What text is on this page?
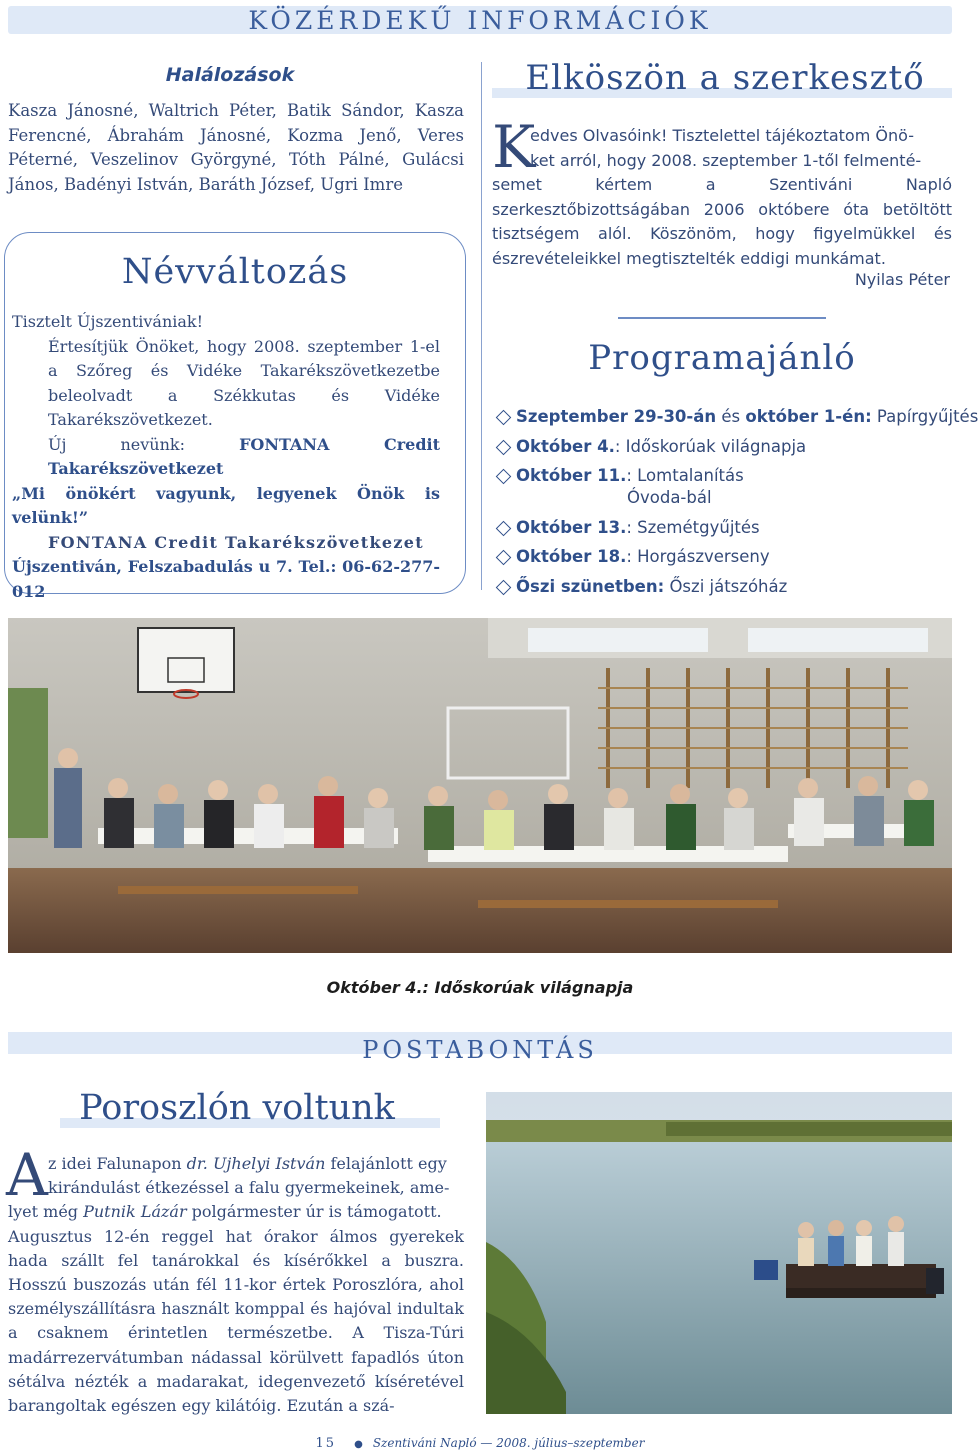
KÖZÉRDEKŰ INFORMÁCIÓK
Halálozások
Kasza Jánosné, Waltrich Péter, Batik Sándor, Kasza Ferencné, Ábrahám Jánosné, Kozma Jenő, Veres Péterné, Veszelinov Györgyné, Tóth Pálné, Gulácsi János, Badényi István, Baráth József, Ugri Imre
Névváltozás

Tisztelt Újszentivániak!

Értesítjük Önöket, hogy 2008. szeptember 1-el a Szőreg és Vidéke Takarékszövetkezetbe beleolvadt a Székkutas és Vidéke Takarékszövetkezet.

Új nevünk: FONTANA Credit Takarékszövetkezet

„Mi önökért vagyunk, legyenek Önök is velünk!”

FONTANA Credit Takarékszövetkezet

Újszentiván, Felszabadulás u 7. Tel.: 06-62-277-012

Elköszön a szerkesztő
K
edves Olvasóink! Tisztelettel tájékoztatom Önö-
ket arról, hogy 2008. szeptember 1-től felmenté-
semet kértem a Szentiváni Napló szerkesztőbizottságában 2006 októbere óta betöltött tisztségem alól. Köszönöm, hogy figyelmükkel és észrevételeikkel megtisztelték eddigi munkámat.
Nyilas Péter
Programajánló
Szeptember 29-30-án és október 1-én: Papírgyűjtés
Október 4.: Időskorúak világnapja
Október 11.: Lomtalanítás
Óvoda-bál
Október 13.: Szemétgyűjtés
Október 18.: Horgászverseny
Őszi szünetben: Őszi játszóház
Október 4.: Időskorúak világnapja
POSTABONTÁS
Poroszlón voltunk
A z idei Falunapon dr. Ujhelyi István felajánlott egy
kirándulást étkezéssel a falu gyermekeinek, ame-
lyet még Putnik Lázár polgármester úr is támogatott.
Augusztus 12-én reggel hat órakor álmos gyerekek hada szállt fel tanárokkal és kísérőkkel a buszra. Hosszú buszozás után fél 11-kor értek Poroszlóra, ahol személyszállításra használt komppal és hajóval indultak a csaknem érintetlen természetbe. A Tisza-Túri madárrezervátumban nádassal körülvett fapadlós úton sétálva nézték a madarakat, idegenvezető kíséretével barangoltak egészen egy kilátóig. Ezután a szá-
15 ● Szentiváni Napló — 2008. július–szeptember
